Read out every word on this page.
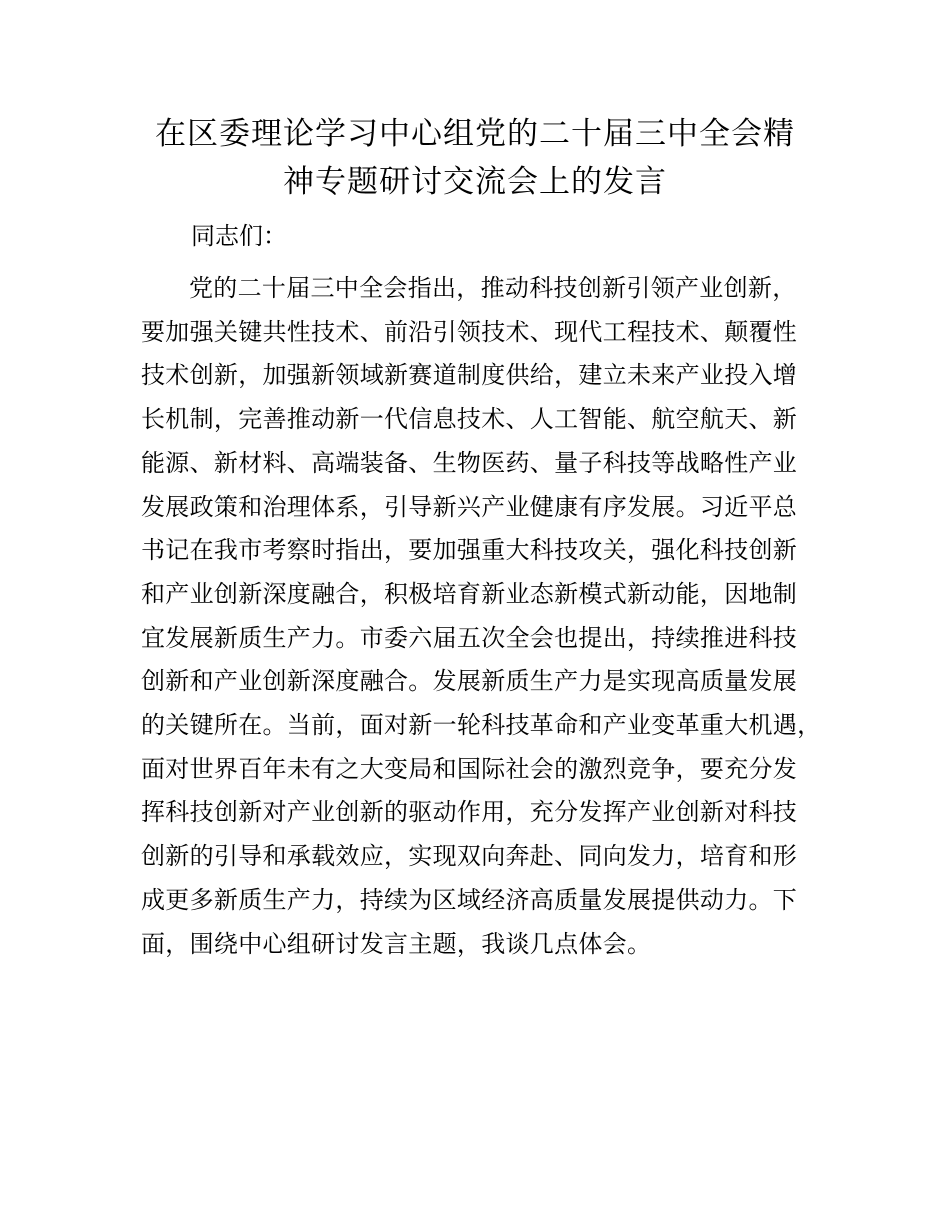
在区委理论学习中心组党的二十届三中全会精
神专题研讨交流会上的发言
同志们：
党的二十届三中全会指出，推动科技创新引领产业创新，
要加强关键共性技术、前沿引领技术、现代工程技术、颠覆性
技术创新，加强新领域新赛道制度供给，建立未来产业投入增
长机制，完善推动新一代信息技术、人工智能、航空航天、新
能源、新材料、高端装备、生物医药、量子科技等战略性产业
发展政策和治理体系，引导新兴产业健康有序发展。习近平总
书记在我市考察时指出，要加强重大科技攻关，强化科技创新
和产业创新深度融合，积极培育新业态新模式新动能，因地制
宜发展新质生产力。市委六届五次全会也提出，持续推进科技
创新和产业创新深度融合。发展新质生产力是实现高质量发展
的关键所在。当前，面对新一轮科技革命和产业变革重大机遇，
面对世界百年未有之大变局和国际社会的激烈竞争，要充分发
挥科技创新对产业创新的驱动作用，充分发挥产业创新对科技
创新的引导和承载效应，实现双向奔赴、同向发力，培育和形
成更多新质生产力，持续为区域经济高质量发展提供动力。下
面，围绕中心组研讨发言主题，我谈几点体会。
